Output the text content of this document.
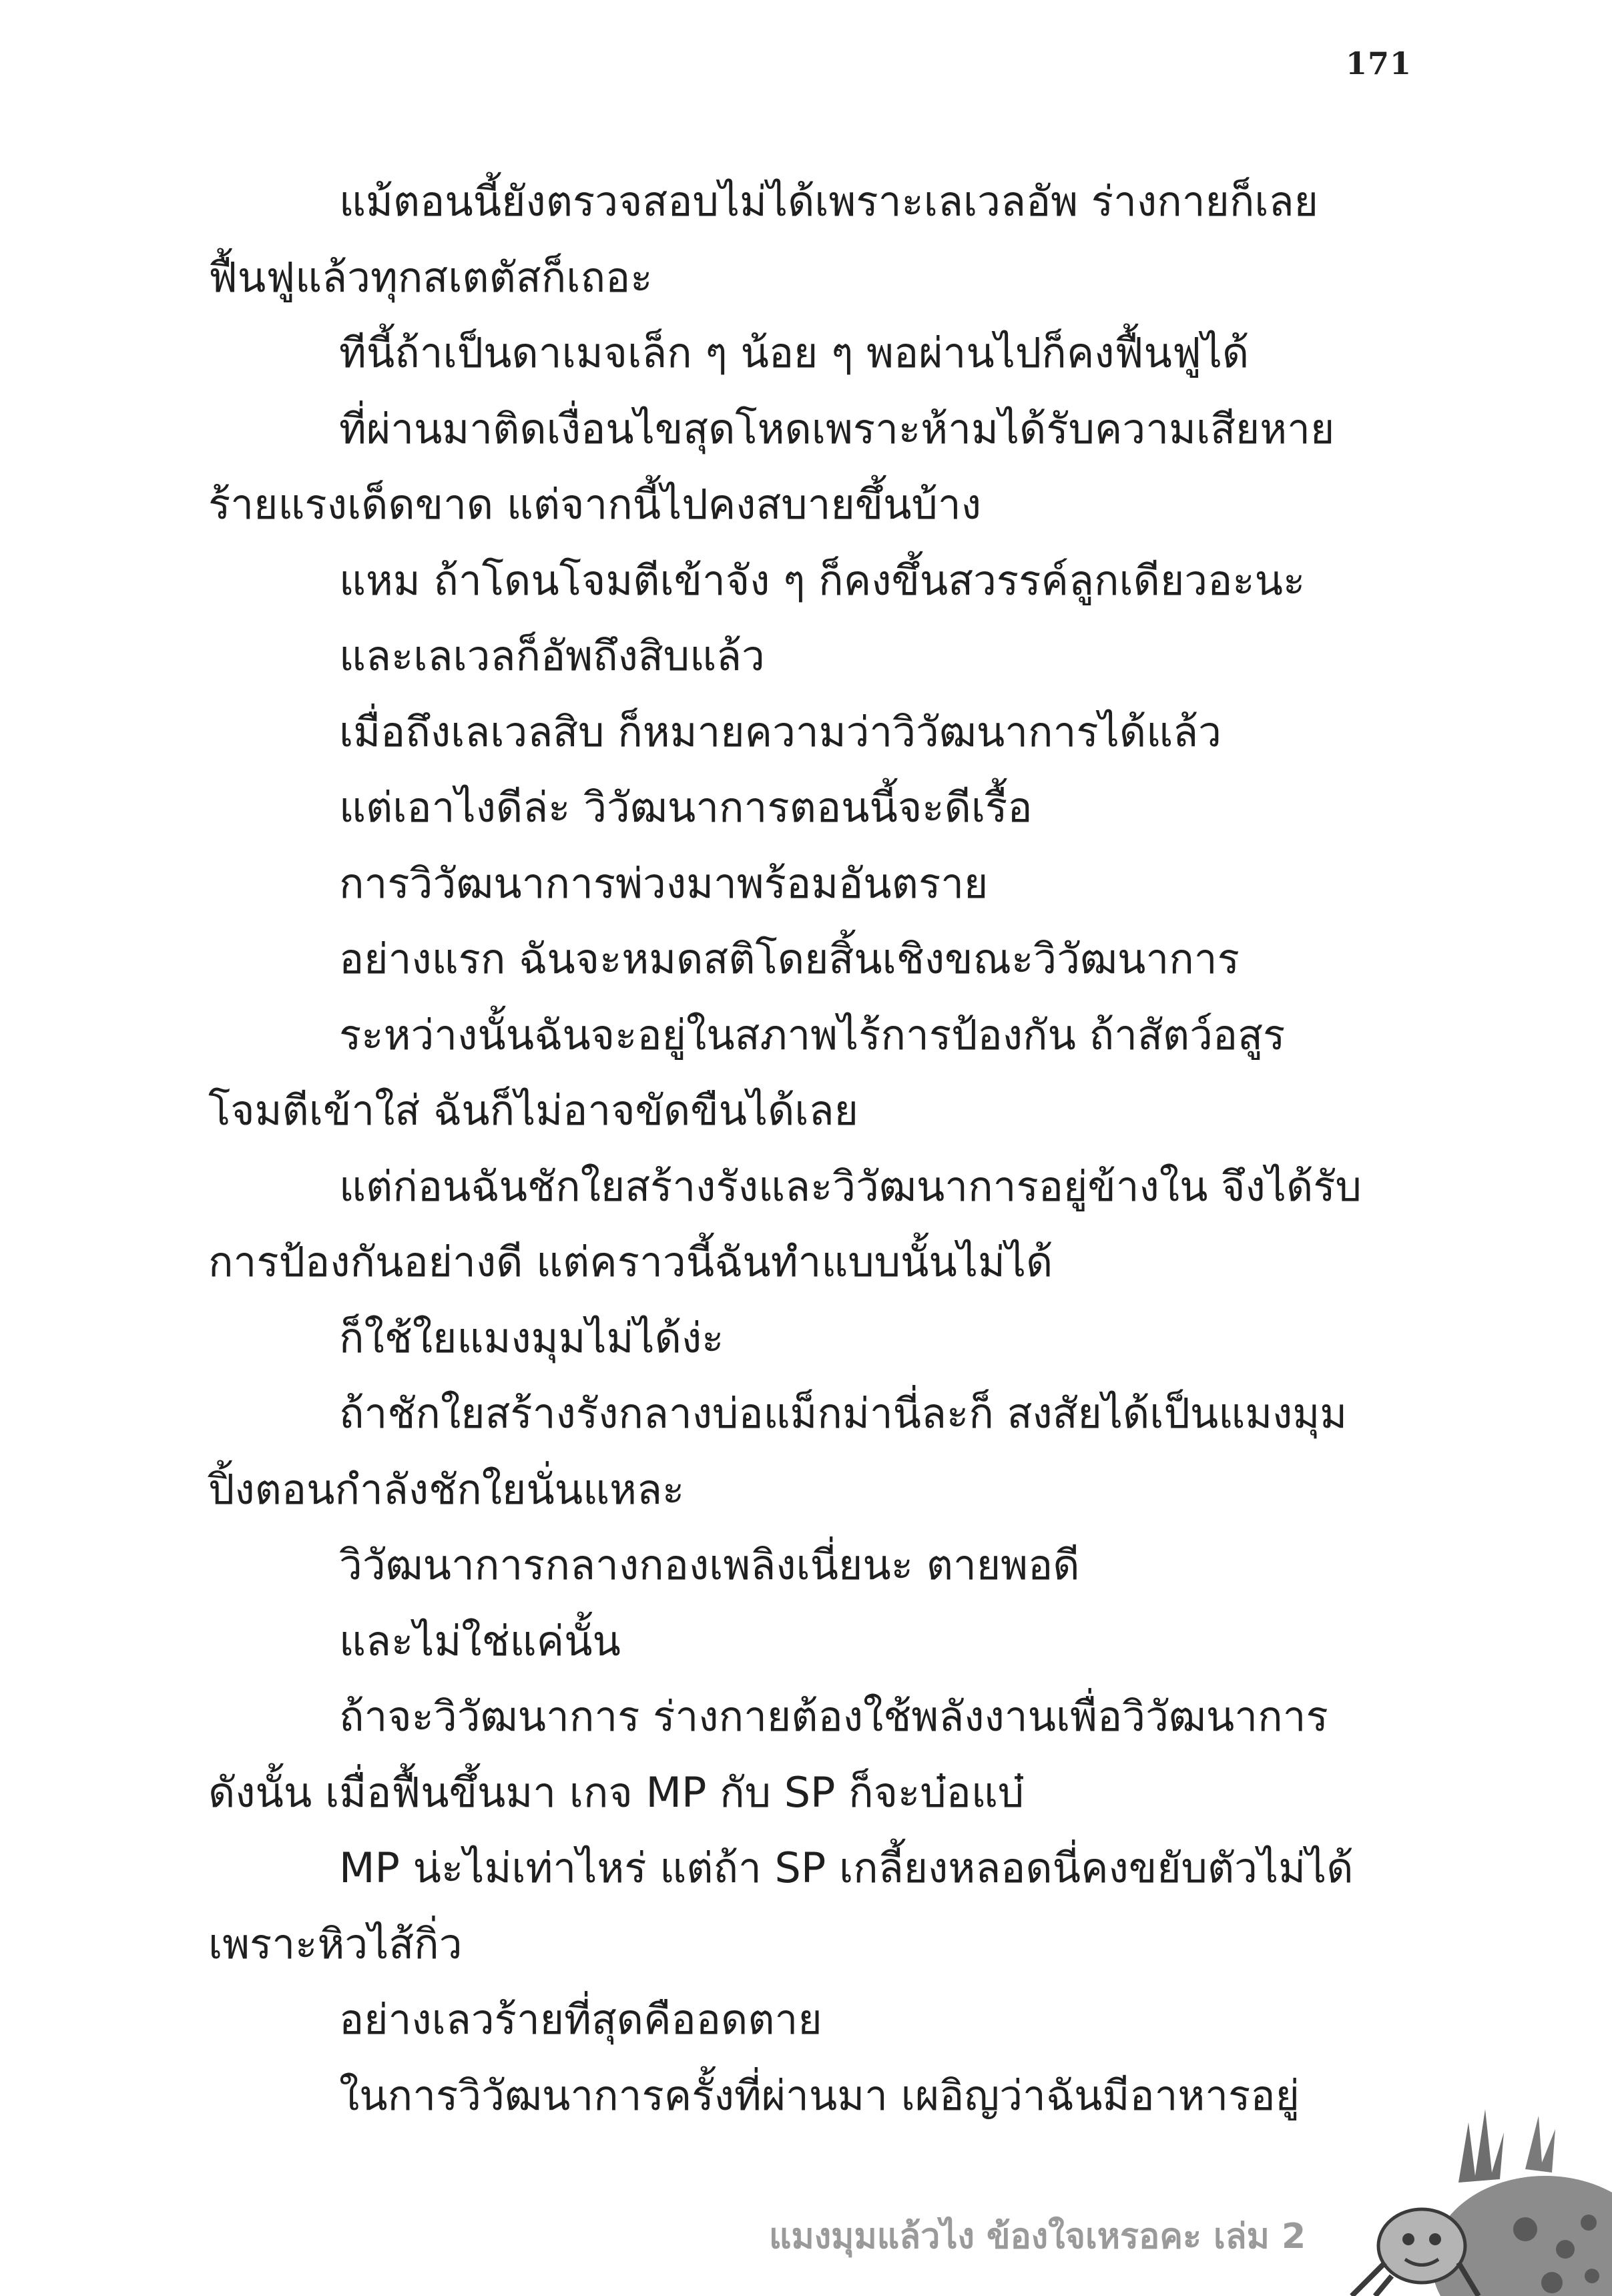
171

แม้ตอนนี้ยังตรวจสอบไม่ได้เพราะเลเวลอัพ ร่างกายก็เลย

ฟื้นฟูแล้วทุกสเตตัสก็เถอะ

ทีนี้ถ้าเป็นดาเมจเล็ก ๆ น้อย ๆ พอผ่านไปก็คงฟื้นฟูได้

ที่ผ่านมาติดเงื่อนไขสุดโหดเพราะห้ามได้รับความเสียหาย

ร้ายแรงเด็ดขาด แต่จากนี้ไปคงสบายขึ้นบ้าง

แหม ถ้าโดนโจมตีเข้าจัง ๆ ก็คงขึ้นสวรรค์ลูกเดียวอะนะ

และเลเวลก็อัพถึงสิบแล้ว

เมื่อถึงเลเวลสิบ ก็หมายความว่าวิวัฒนาการได้แล้ว

แต่เอาไงดีล่ะ วิวัฒนาการตอนนี้จะดีเรื้อ

การวิวัฒนาการพ่วงมาพร้อมอันตราย

อย่างแรก ฉันจะหมดสติโดยสิ้นเชิงขณะวิวัฒนาการ

ระหว่างนั้นฉันจะอยู่ในสภาพไร้การป้องกัน ถ้าสัตว์อสูร

โจมตีเข้าใส่ ฉันก็ไม่อาจขัดขืนได้เลย

แต่ก่อนฉันชักใยสร้างรังและวิวัฒนาการอยู่ข้างใน จึงได้รับ

การป้องกันอย่างดี แต่คราวนี้ฉันทำแบบนั้นไม่ได้

ก็ใช้ใยแมงมุมไม่ได้ง่ะ

ถ้าชักใยสร้างรังกลางบ่อแม็กม่านี่ละก็ สงสัยได้เป็นแมงมุม

ปิ้งตอนกำลังชักใยนั่นแหละ

วิวัฒนาการกลางกองเพลิงเนี่ยนะ ตายพอดี

และไม่ใช่แค่นั้น

ถ้าจะวิวัฒนาการ ร่างกายต้องใช้พลังงานเพื่อวิวัฒนาการ

ดังนั้น เมื่อฟื้นขึ้นมา เกจ MP กับ SP ก็จะบ๋อแบ๋

MP น่ะไม่เท่าไหร่ แต่ถ้า SP เกลี้ยงหลอดนี่คงขยับตัวไม่ได้

เพราะหิวไส้กิ่ว

อย่างเลวร้ายที่สุดคืออดตาย

ในการวิวัฒนาการครั้งที่ผ่านมา เผอิญว่าฉันมีอาหารอยู่

แมงมุมแล้วไง ข้องใจเหรอคะ เล่ม 2
